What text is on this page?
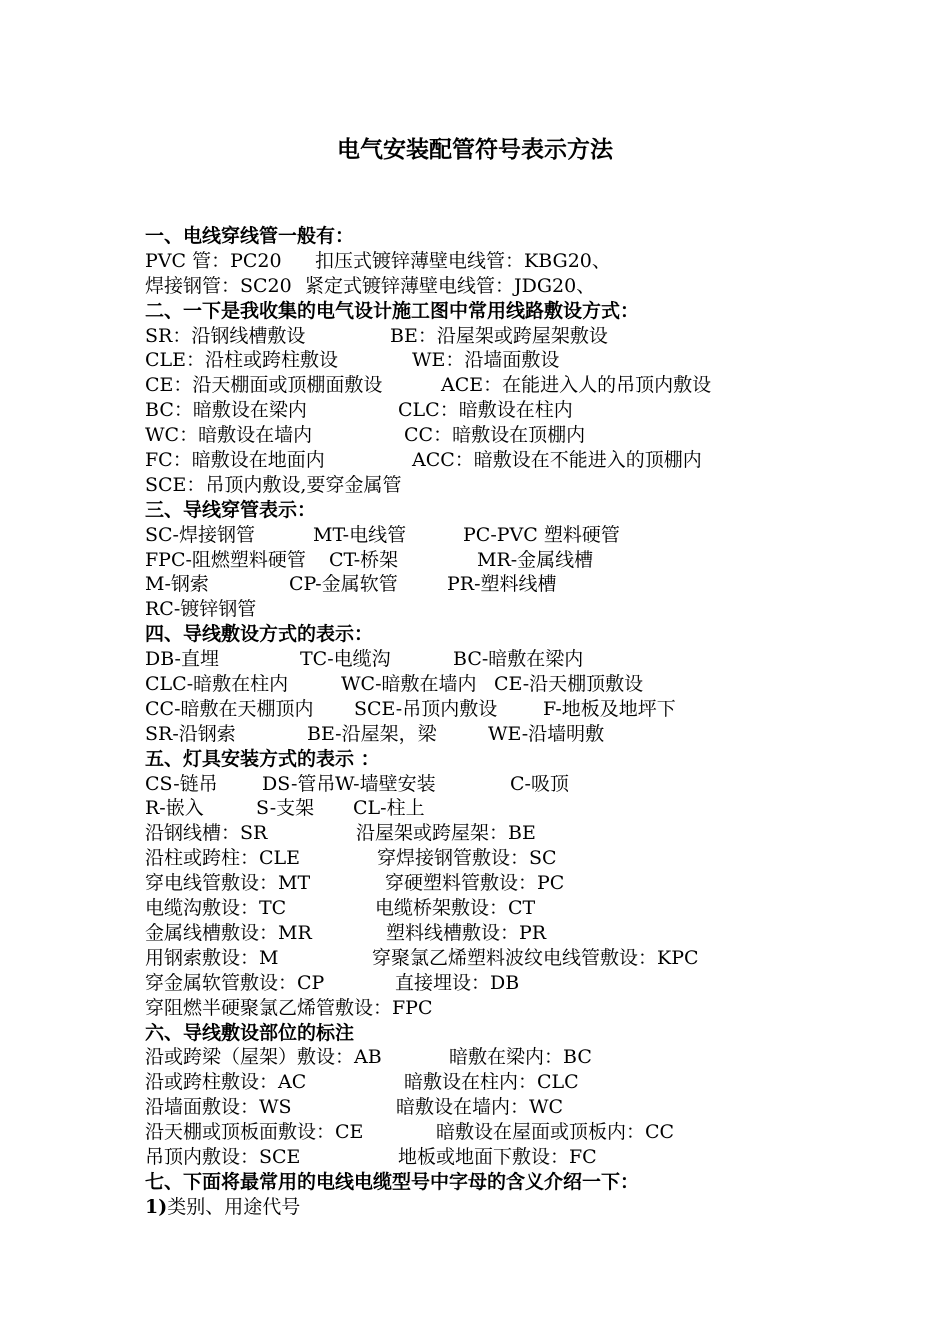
电气安装配管符号表示方法
一、电线穿线管一般有：
PVC 管：PC20 扣压式镀锌薄壁电线管：KBG20、
焊接钢管：SC20 紧定式镀锌薄壁电线管：JDG20、
二、一下是我收集的电气设计施工图中常用线路敷设方式：
SR：沿钢线槽敷设	BE：沿屋架或跨屋架敷设
CLE：沿柱或跨柱敷设	WE：沿墙面敷设
CE：沿天棚面或顶棚面敷设	ACE：在能进入人的吊顶内敷设
BC：暗敷设在梁内	CLC：暗敷设在柱内
WC：暗敷设在墙内	CC：暗敷设在顶棚内
FC：暗敷设在地面内	ACC：暗敷设在不能进入的顶棚内
SCE：吊顶内敷设,要穿金属管
三、导线穿管表示：
SC-焊接钢管	MT-电线管	PC-PVC 塑料硬管
FPC-阻燃塑料硬管 CT-桥架	MR-金属线槽
M-钢索	CP-金属软管	PR-塑料线槽
RC-镀锌钢管
四、导线敷设方式的表示：
DB-直埋	TC-电缆沟	BC-暗敷在梁内
CLC-暗敷在柱内	WC-暗敷在墙内 CE-沿天棚顶敷设
CC-暗敷在天棚顶内 SCE-吊顶内敷设 F-地板及地坪下
SR-沿钢索	BE-沿屋架，梁	WE-沿墙明敷
五、灯具安装方式的表示 ：
CS-链吊 DS-管吊 W-墙壁安装	C-吸顶
R-嵌入	S-支架 CL-柱上
沿钢线槽：SR	沿屋架或跨屋架：BE
沿柱或跨柱：CLE	穿焊接钢管敷设：SC
穿电线管敷设：MT	穿硬塑料管敷设：PC
电缆沟敷设：TC	电缆桥架敷设：CT
金属线槽敷设：MR	塑料线槽敷设：PR
用钢索敷设：M	穿聚氯乙烯塑料波纹电线管敷设：KPC
穿金属软管敷设：CP	直接埋设：DB
穿阻燃半硬聚氯乙烯管敷设：FPC
六、导线敷设部位的标注
沿或跨梁（屋架）敷设：AB	暗敷在梁内：BC
沿或跨柱敷设：AC	暗敷设在柱内：CLC
沿墙面敷设：WS	暗敷设在墙内：WC
沿天棚或顶板面敷设：CE	暗敷设在屋面或顶板内：CC
吊顶内敷设：SCE	地板或地面下敷设：FC
七、下面将最常用的电线电缆型号中字母的含义介绍一下：
1)类别、用途代号
